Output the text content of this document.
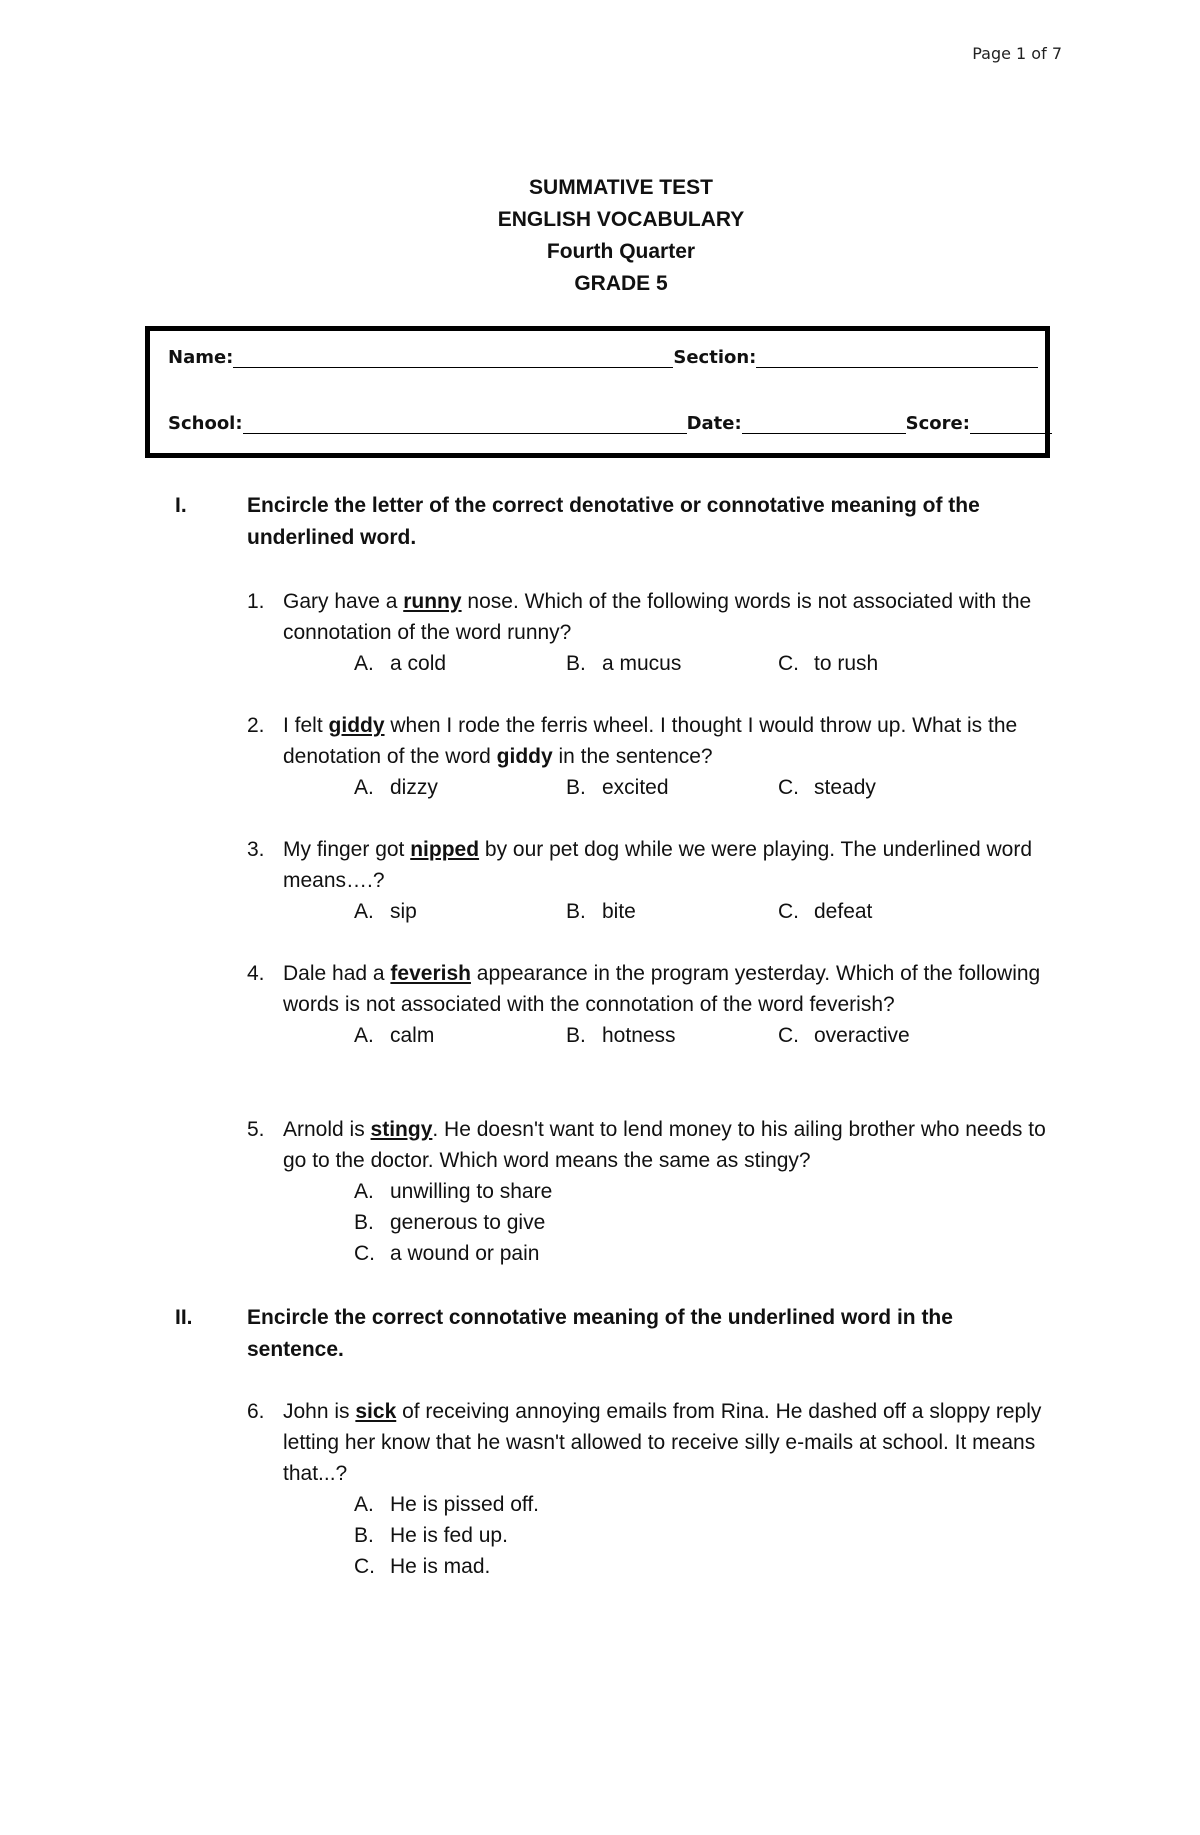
Page 1 of 7
SUMMATIVE TEST
ENGLISH VOCABULARY
Fourth Quarter
GRADE 5
Name:	Section:
School:	Date:	Score:
I.	Encircle the letter of the correct denotative or connotative meaning of the underlined word.
1. Gary have a runny nose. Which of the following words is not associated with the connotation of the word runny?
A. a cold	B. a mucus	C. to rush
2. I felt giddy when I rode the ferris wheel. I thought I would throw up. What is the denotation of the word giddy in the sentence?
A. dizzy	B. excited	C. steady
3. My finger got nipped by our pet dog while we were playing. The underlined word means….?
A. sip	B. bite	C. defeat
4. Dale had a feverish appearance in the program yesterday. Which of the following words is not associated with the connotation of the word feverish?
A. calm	B. hotness	C. overactive
5. Arnold is stingy. He doesn't want to lend money to his ailing brother who needs to go to the doctor. Which word means the same as stingy?
A. unwilling to share
B. generous to give
C. a wound or pain
II.	Encircle the correct connotative meaning of the underlined word in the sentence.
6. John is sick of receiving annoying emails from Rina. He dashed off a sloppy reply letting her know that he wasn't allowed to receive silly e-mails at school. It means that...?
A. He is pissed off.
B. He is fed up.
C. He is mad.
